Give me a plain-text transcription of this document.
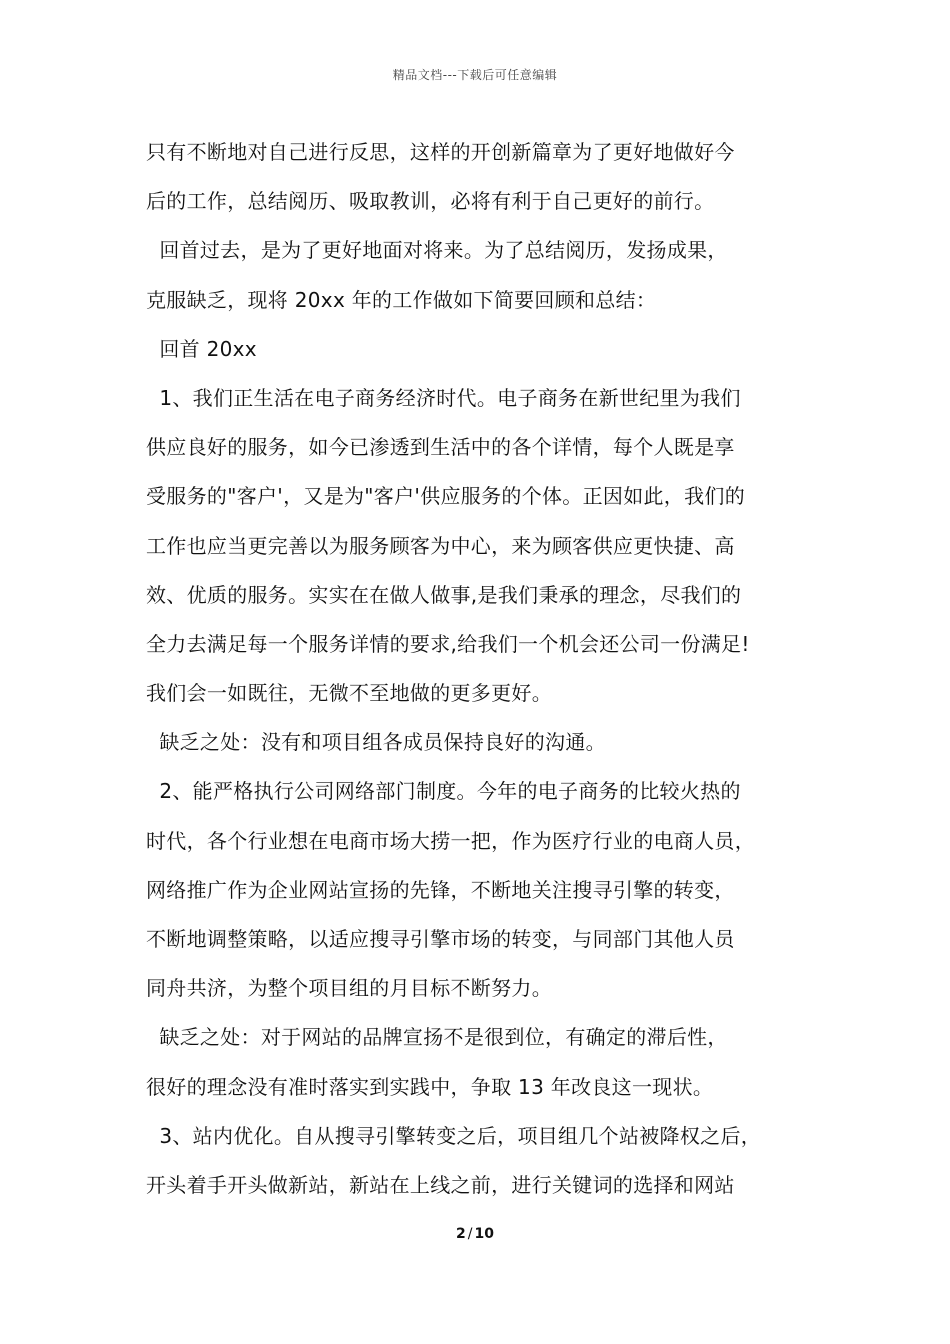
精品文档---下载后可任意编辑
只有不断地对自己进行反思，这样的开创新篇章为了更好地做好今
后的工作，总结阅历、吸取教训，必将有利于自己更好的前行。
回首过去，是为了更好地面对将来。为了总结阅历，发扬成果，
克服缺乏，现将 20xx 年的工作做如下简要回顾和总结：
回首 20xx
1、我们正生活在电子商务经济时代。电子商务在新世纪里为我们
供应良好的服务，如今已渗透到生活中的各个详情，每个人既是享
受服务的"客户'，又是为"客户'供应服务的个体。正因如此，我们的
工作也应当更完善以为服务顾客为中心，来为顾客供应更快捷、高
效、优质的服务。实实在在做人做事,是我们秉承的理念，尽我们的
全力去满足每一个服务详情的要求,给我们一个机会还公司一份满足!
我们会一如既往，无微不至地做的更多更好。
缺乏之处：没有和项目组各成员保持良好的沟通。
2、能严格执行公司网络部门制度。今年的电子商务的比较火热的
时代，各个行业想在电商市场大捞一把，作为医疗行业的电商人员，
网络推广作为企业网站宣扬的先锋，不断地关注搜寻引擎的转变，
不断地调整策略，以适应搜寻引擎市场的转变，与同部门其他人员
同舟共济，为整个项目组的月目标不断努力。
缺乏之处：对于网站的品牌宣扬不是很到位，有确定的滞后性，
很好的理念没有准时落实到实践中，争取 13 年改良这一现状。
3、站内优化。自从搜寻引擎转变之后，项目组几个站被降权之后，
开头着手开头做新站，新站在上线之前，进行关键词的选择和网站
2 / 10
